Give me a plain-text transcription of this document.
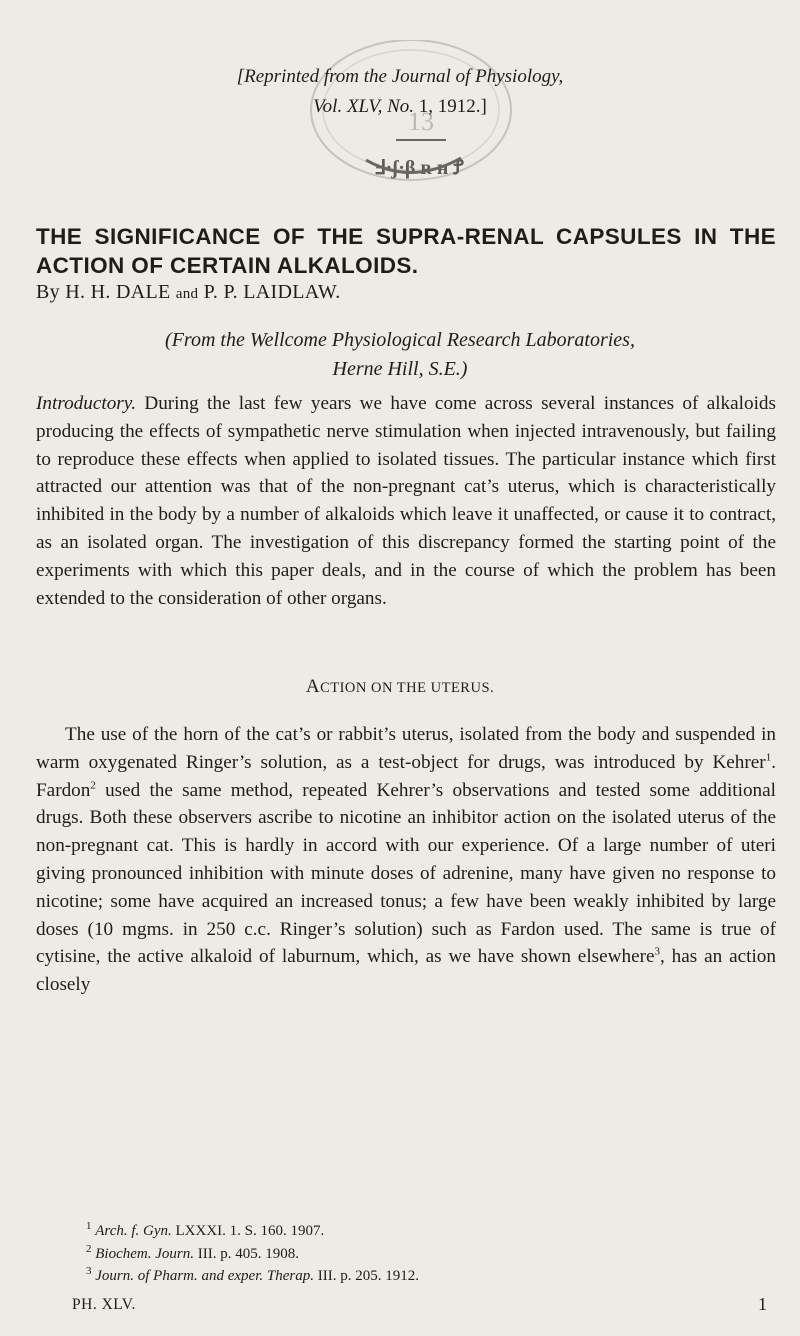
13
Ⅎ·ʃ·β ʀ ʜ Ꝭ
[Reprinted from the Journal of Physiology,
Vol. XLV, No. 1, 1912.]
THE SIGNIFICANCE OF THE SUPRA-RENAL CAPSULES IN THE ACTION OF CERTAIN ALKALOIDS.
By H. H. DALE and P. P. LAIDLAW.
(From the Wellcome Physiological Research Laboratories,
Herne Hill, S.E.)
Introductory. During the last few years we have come across several instances of alkaloids producing the effects of sympathetic nerve stimulation when injected intravenously, but failing to reproduce these effects when applied to isolated tissues. The particular instance which first attracted our attention was that of the non-pregnant cat’s uterus, which is characteristically inhibited in the body by a number of alkaloids which leave it unaffected, or cause it to contract, as an isolated organ. The investigation of this discrepancy formed the starting point of the experiments with which this paper deals, and in the course of which the problem has been extended to the consideration of other organs.
ACTION ON THE UTERUS.
The use of the horn of the cat’s or rabbit’s uterus, isolated from the body and suspended in warm oxygenated Ringer’s solution, as a test-object for drugs, was introduced by Kehrer$^1$. Fardon$^2$ used the same method, repeated Kehrer’s observations and tested some additional drugs. Both these observers ascribe to nicotine an inhibitor action on the isolated uterus of the non-pregnant cat. This is hardly in accord with our experience. Of a large number of uteri giving pronounced inhibition with minute doses of adrenine, many have given no response to nicotine; some have acquired an increased tonus; a few have been weakly inhibited by large doses (10 mgms. in 250 c.c. Ringer’s solution) such as Fardon used. The same is true of cytisine, the active alkaloid of laburnum, which, as we have shown elsewhere$^3$, has an action closely
$^1$ Arch. f. Gyn. LXXXI. 1. S. 160. 1907.
$^2$ Biochem. Journ. III. p. 405. 1908.
$^3$ Journ. of Pharm. and exper. Therap. III. p. 205. 1912.
PH. XLV.	1
